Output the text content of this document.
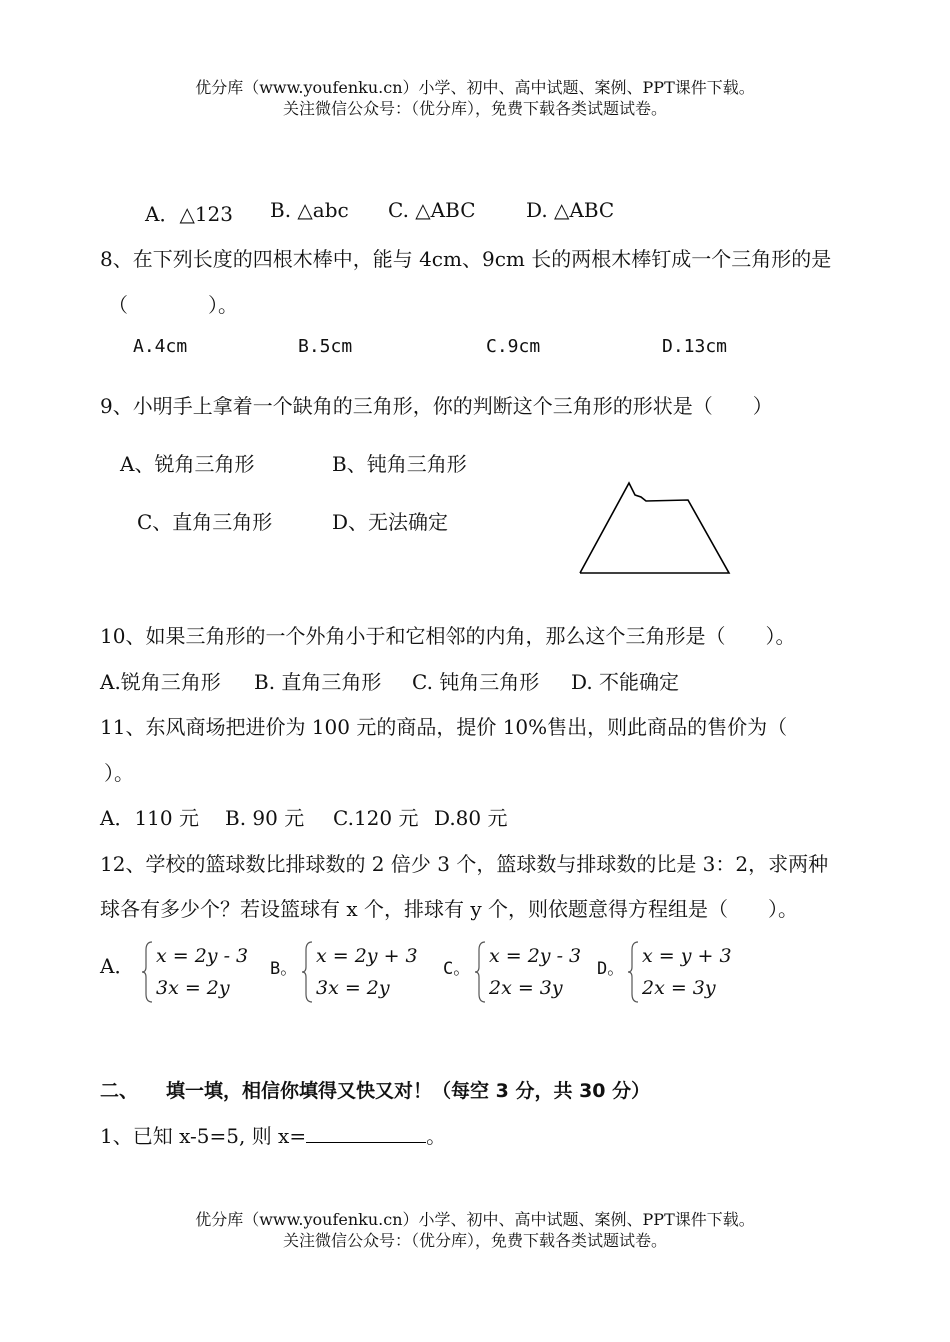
优分库（www.youfenku.cn）小学、初中、高中试题、案例、PPT课件下载。
关注微信公众号：（优分库），免费下载各类试题试卷。
A．△123 B. △abc C. △ABC	D. △ABC
8、在下列长度的四根木棒中，能与 4cm、9cm 长的两根木棒钉成一个三角形的是
（　　　　）。
A.4cm	B.5cm	C.9cm	D.13cm
9、小明手上拿着一个缺角的三角形，你的判断这个三角形的形状是（　　）
A、锐角三角形	B、钝角三角形
C、直角三角形	D、无法确定
10、如果三角形的一个外角小于和它相邻的内角，那么这个三角形是（　　）。
A.锐角三角形 B. 直角三角形 C. 钝角三角形 D. 不能确定
11、东风商场把进价为 100 元的商品，提价 10%售出，则此商品的售价为（
）。
A．110 元 B. 90 元 C.120 元 D.80 元
12、学校的篮球数比排球数的 2 倍少 3 个，篮球数与排球数的比是 3：2，求两种
球各有多少个？若设篮球有 x 个，排球有 y 个，则依题意得方程组是（　　）。
A． x = 2y - 3
3x = 2y
B。
x = 2y + 3
3x = 2y
C。
x = 2y - 3
2x = 3y
D。
x = y + 3
2x = 3y
二、 填一填，相信你填得又快又对！（每空 3 分，共 30 分）
1、已知 x-5=5, 则 x=	。
优分库（www.youfenku.cn）小学、初中、高中试题、案例、PPT课件下载。
关注微信公众号：（优分库），免费下载各类试题试卷。
